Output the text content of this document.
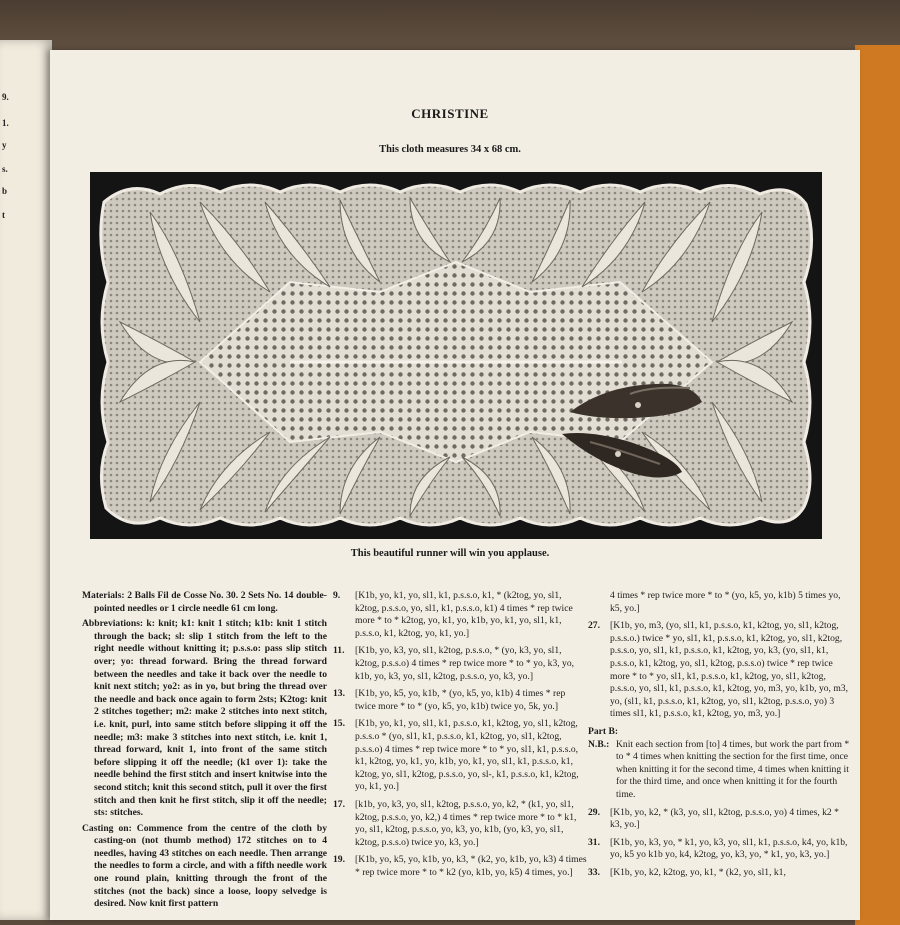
9.
1.
y
s.
b
t
CHRISTINE
This cloth measures 34 x 68 cm.
This beautiful runner will win you applause.

Materials: 2 Balls Fil de Cosse No. 30. 2 Sets No. 14 double-pointed needles or 1 circle needle 61 cm long.

Abbreviations: k: knit; k1: knit 1 stitch; k1b: knit 1 stitch through the back; sl: slip 1 stitch from the left to the right needle without knitting it; p.s.s.o: pass slip stitch over; yo: thread forward. Bring the thread forward between the needles and take it back over the needle to knit next stitch; yo2: as in yo, but bring the thread over the needle and back once again to form 2sts; K2tog: knit 2 stitches together; m2: make 2 stitches into next stitch, i.e. knit, purl, into same stitch before slipping it off the needle; m3: make 3 stitches into next stitch, i.e. knit 1, thread forward, knit 1, into front of the same stitch before slipping it off the needle; (k1 over 1): take the needle behind the first stitch and insert knitwise into the second stitch; knit this second stitch, pull it over the first stitch and then knit he first stitch, slip it off the needle; sts: stitches.

Casting on: Commence from the centre of the cloth by casting-on (not thumb method) 172 stitches on to 4 needles, having 43 stitches on each needle. Then arrange the needles to form a circle, and with a fifth needle work one round plain, knitting through the front of the stitches (not the back) since a loose, loopy selvedge is desired. Now knit first pattern

9.	[K1b, yo, k1, yo, sl1, k1, p.s.s.o, k1, * (k2tog, yo, sl1, k2tog, p.s.s.o, yo, sl1, k1, p.s.s.o, k1) 4 times * rep twice more * to * k2tog, yo, k1, yo, k1b, yo, k1, yo, sl1, k1, p.s.s.o, k1, k2tog, yo, k1, yo.]
11.	[K1b, yo, k3, yo, sl1, k2tog, p.s.s.o, * (yo, k3, yo, sl1, k2tog, p.s.s.o) 4 times * rep twice more * to * yo, k3, yo, k1b, yo, k3, yo, sl1, k2tog, p.s.s.o, yo, k3, yo.]
13.	[K1b, yo, k5, yo, k1b, * (yo, k5, yo, k1b) 4 times * rep twice more * to * (yo, k5, yo, k1b) twice yo, 5k, yo.]
15.	[K1b, yo, k1, yo, sl1, k1, p.s.s.o, k1, k2tog, yo, sl1, k2tog, p.s.s.o * (yo, sl1, k1, p.s.s.o, k1, k2tog, yo, sl1, k2tog, p.s.s.o) 4 times * rep twice more * to * yo, sl1, k1, p.s.s.o, k1, k2tog, yo, k1, yo, k1b, yo, k1, yo, sl1, k1, p.s.s.o, k1, k2tog, yo, sl1, k2tog, p.s.s.o, yo, sl-, k1, p.s.s.o, k1, k2tog, yo, k1, yo.]
17.	[k1b, yo, k3, yo, sl1, k2tog, p.s.s.o, yo, k2, * (k1, yo, sl1, k2tog, p.s.s.o, yo, k2,) 4 times * rep twice more * to * k1, yo, sl1, k2tog, p.s.s.o, yo, k3, yo, k1b, (yo, k3, yo, sl1, k2tog, p.s.s.o) twice yo, k3, yo.]
19.	[K1b, yo, k5, yo, k1b, yo, k3, * (k2, yo, k1b, yo, k3) 4 times * rep twice more * to * k2 (yo, k1b, yo, k5) 4 times, yo.]
4 times * rep twice more * to * (yo, k5, yo, k1b) 5 times yo, k5, yo.]
27.	[K1b, yo, m3, (yo, sl1, k1, p.s.s.o, k1, k2tog, yo, sl1, k2tog, p.s.s.o.) twice * yo, sl1, k1, p.s.s.o, k1, k2tog, yo, sl1, k2tog, p.s.s.o, yo, sl1, k1, p.s.s.o, k1, k2tog, yo, k3, (yo, sl1, k1, p.s.s.o, k1, k2tog, yo, sl1, k2tog, p.s.s.o) twice * rep twice more * to * yo, sl1, k1, p.s.s.o, k1, k2tog, yo, sl1, k2tog, p.s.s.o, yo, sl1, k1, p.s.s.o, k1, k2tog, yo, m3, yo, k1b, yo, m3, yo, (sl1, k1, p.s.s.o, k1, k2tog, yo, sl1, k2tog, p.s.s.o, yo) 3 times sl1, k1, p.s.s.o, k1, k2tog, yo, m3, yo.]
Part B:
N.B.: Knit each section from [to] 4 times, but work the part from * to * 4 times when knitting the section for the first time, once when knitting it for the second time, 4 times when knitting it for the third time, and once when knitting it for the fourth time.
29.	[K1b, yo, k2, * (k3, yo, sl1, k2tog, p.s.s.o, yo) 4 times, k2 * k3, yo.]
31.	[K1b, yo, k3, yo, * k1, yo, k3, yo, sl1, k1, p.s.s.o, k4, yo, k1b, yo, k5 yo k1b yo, k4, k2tog, yo, k3, yo, * k1, yo, k3, yo.]
33.	[K1b, yo, k2, k2tog, yo, k1, * (k2, yo, sl1, k1,
